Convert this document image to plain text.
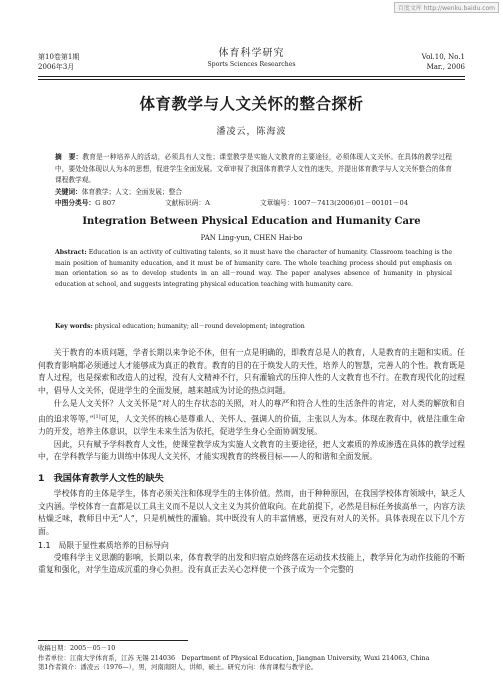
百度文库 http://wenku.baidu.com
第10卷第1期
2006年3月
体育科学研究
Sports Sciences Researches
Vol.10, No.1
Mar., 2006
体育教学与人文关怀的整合探析
潘凌云，陈海波
摘　要：教育是一种培养人的活动，必须具有人文性；课堂教学是实施人文教育的主要途径，必须体现人文关怀。在具体的教学过程中，要处处体现以人为本的思想，促进学生全面发展。文章审视了我国体育教学人文性的迷失，并提出体育教学与人文关怀整合的体育课程教学观。
关键词：体育教学；人文；全面发展；整合
中图分类号：G 807	文献标识码：A	文章编号：1007－7413(2006)01－00101－04
Integration Between Physical Education and Humanity Care
PAN Ling-yun, CHEN Hai-bo
Abstract: Education is an activity of cultivating talents, so it must have the character of humanity. Classroom teaching is the main position of humanity education, and it must be of humanity care. The whole teaching process should put emphasis on man orientation so as to develop students in an all－round way. The paper analyses absence of humanity in physical education at school, and suggests integrating physical education teaching with humanity care.
Key words: physical education; humanity; all－round development; integration

关于教育的本质问题，学者长期以来争论不休，但有一点是明确的，即教育总是人的教育，人是教育的主题和实质。任何教育影响都必须通过人才能够成为真正的教育。教育的目的在于焕发人的天性，培养人的智慧，完善人的个性。教育既是育人过程，也是探索和改造人的过程，没有人文精神不行，只有灌输式的压抑人性的人文教育也不行。在教育现代化的过程中，倡导人文关怀，促进学生的全面发展，越来越成为讨论的热点问题。

什么是人文关怀？人文关怀是“对人的生存状态的关照，对人的尊严和符合人性的生活条件的肯定，对人类的解放和自由的追求等等。”[1]可见，人文关怀的核心是尊重人、关怀人、强调人的价值，主张以人为本。体现在教育中，就是注重生命力的开发，培养主体意识，以学生未来生活为依托，促进学生身心全面协调发展。

因此，只有赋予学科教育人文性，使课堂教学成为实施人文教育的主要途径，把人文素质的养成渗透在具体的教学过程中，在学科教学与能力训练中体现人文关怀，才能实现教育的终极目标——人的和谐和全面发展。

1　我国体育教学人文性的缺失

学校体育的主体是学生，体育必须关注和体现学生的主体价值。然而，由于种种原因，在我国学校体育领域中，缺乏人文内涵。学校体育一直都是以工具主义而不是以人文主义为其价值取向。在此前提下，必然是目标任务拔高单一，内容方法枯燥乏味，教师目中无“人”，只是机械性的灌输。其中既没有人的丰富情感，更没有对人的关怀。具体表现在以下几个方面。

1.1　局限于显性素质培养的目标导向

受唯科学主义思潮的影响，长期以来，体育教学的出发和归宿点始终落在运动技术技能上，教学异化为动作技能的不断重复和强化，对学生造成沉重的身心负担。没有真正去关心怎样使一个孩子成为一个完整的

收稿日期：2005－05－10
作者单位：江南大学体育系，江苏 无锡 214036　Department of Physical Education, Jiangnan University, Wuxi 214063, China
第1作者简介：潘凌云（1976—），男，河南南阳人，讲师，硕士。研究方向：体育课程与教学论。
